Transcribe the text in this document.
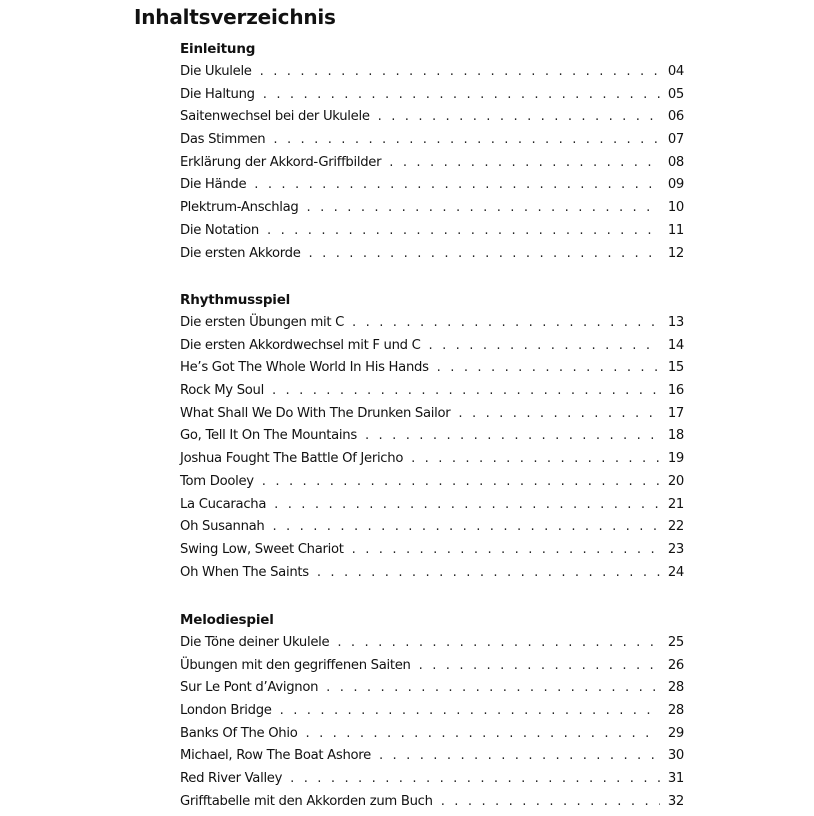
Inhaltsverzeichnis
Einleitung
Die Ukulele . . .	04
Die Haltung . . .	05
Saitenwechsel bei der Ukulele . . .	06
Das Stimmen . . .	07
Erklärung der Akkord-Griffbilder . . .	08
Die Hände . . .	09
Plektrum-Anschlag . . .	10
Die Notation . . .	11
Die ersten Akkorde . . .	12
Rhythmusspiel
Die ersten Übungen mit C . . .	13
Die ersten Akkordwechsel mit F und C . . .	14
He’s Got The Whole World In His Hands . . .	15
Rock My Soul . . .	16
What Shall We Do With The Drunken Sailor . . .	17
Go, Tell It On The Mountains . . .	18
Joshua Fought The Battle Of Jericho . . .	19
Tom Dooley . . .	20
La Cucaracha . . .	21
Oh Susannah . . .	22
Swing Low, Sweet Chariot . . .	23
Oh When The Saints . . .	24
Melodiespiel
Die Töne deiner Ukulele . . .	25
Übungen mit den gegriffenen Saiten . . .	26
Sur Le Pont d’Avignon . . .	28
London Bridge . . .	28
Banks Of The Ohio . . .	29
Michael, Row The Boat Ashore . . .	30
Red River Valley . . .	31
Grifftabelle mit den Akkorden zum Buch . . .	32
